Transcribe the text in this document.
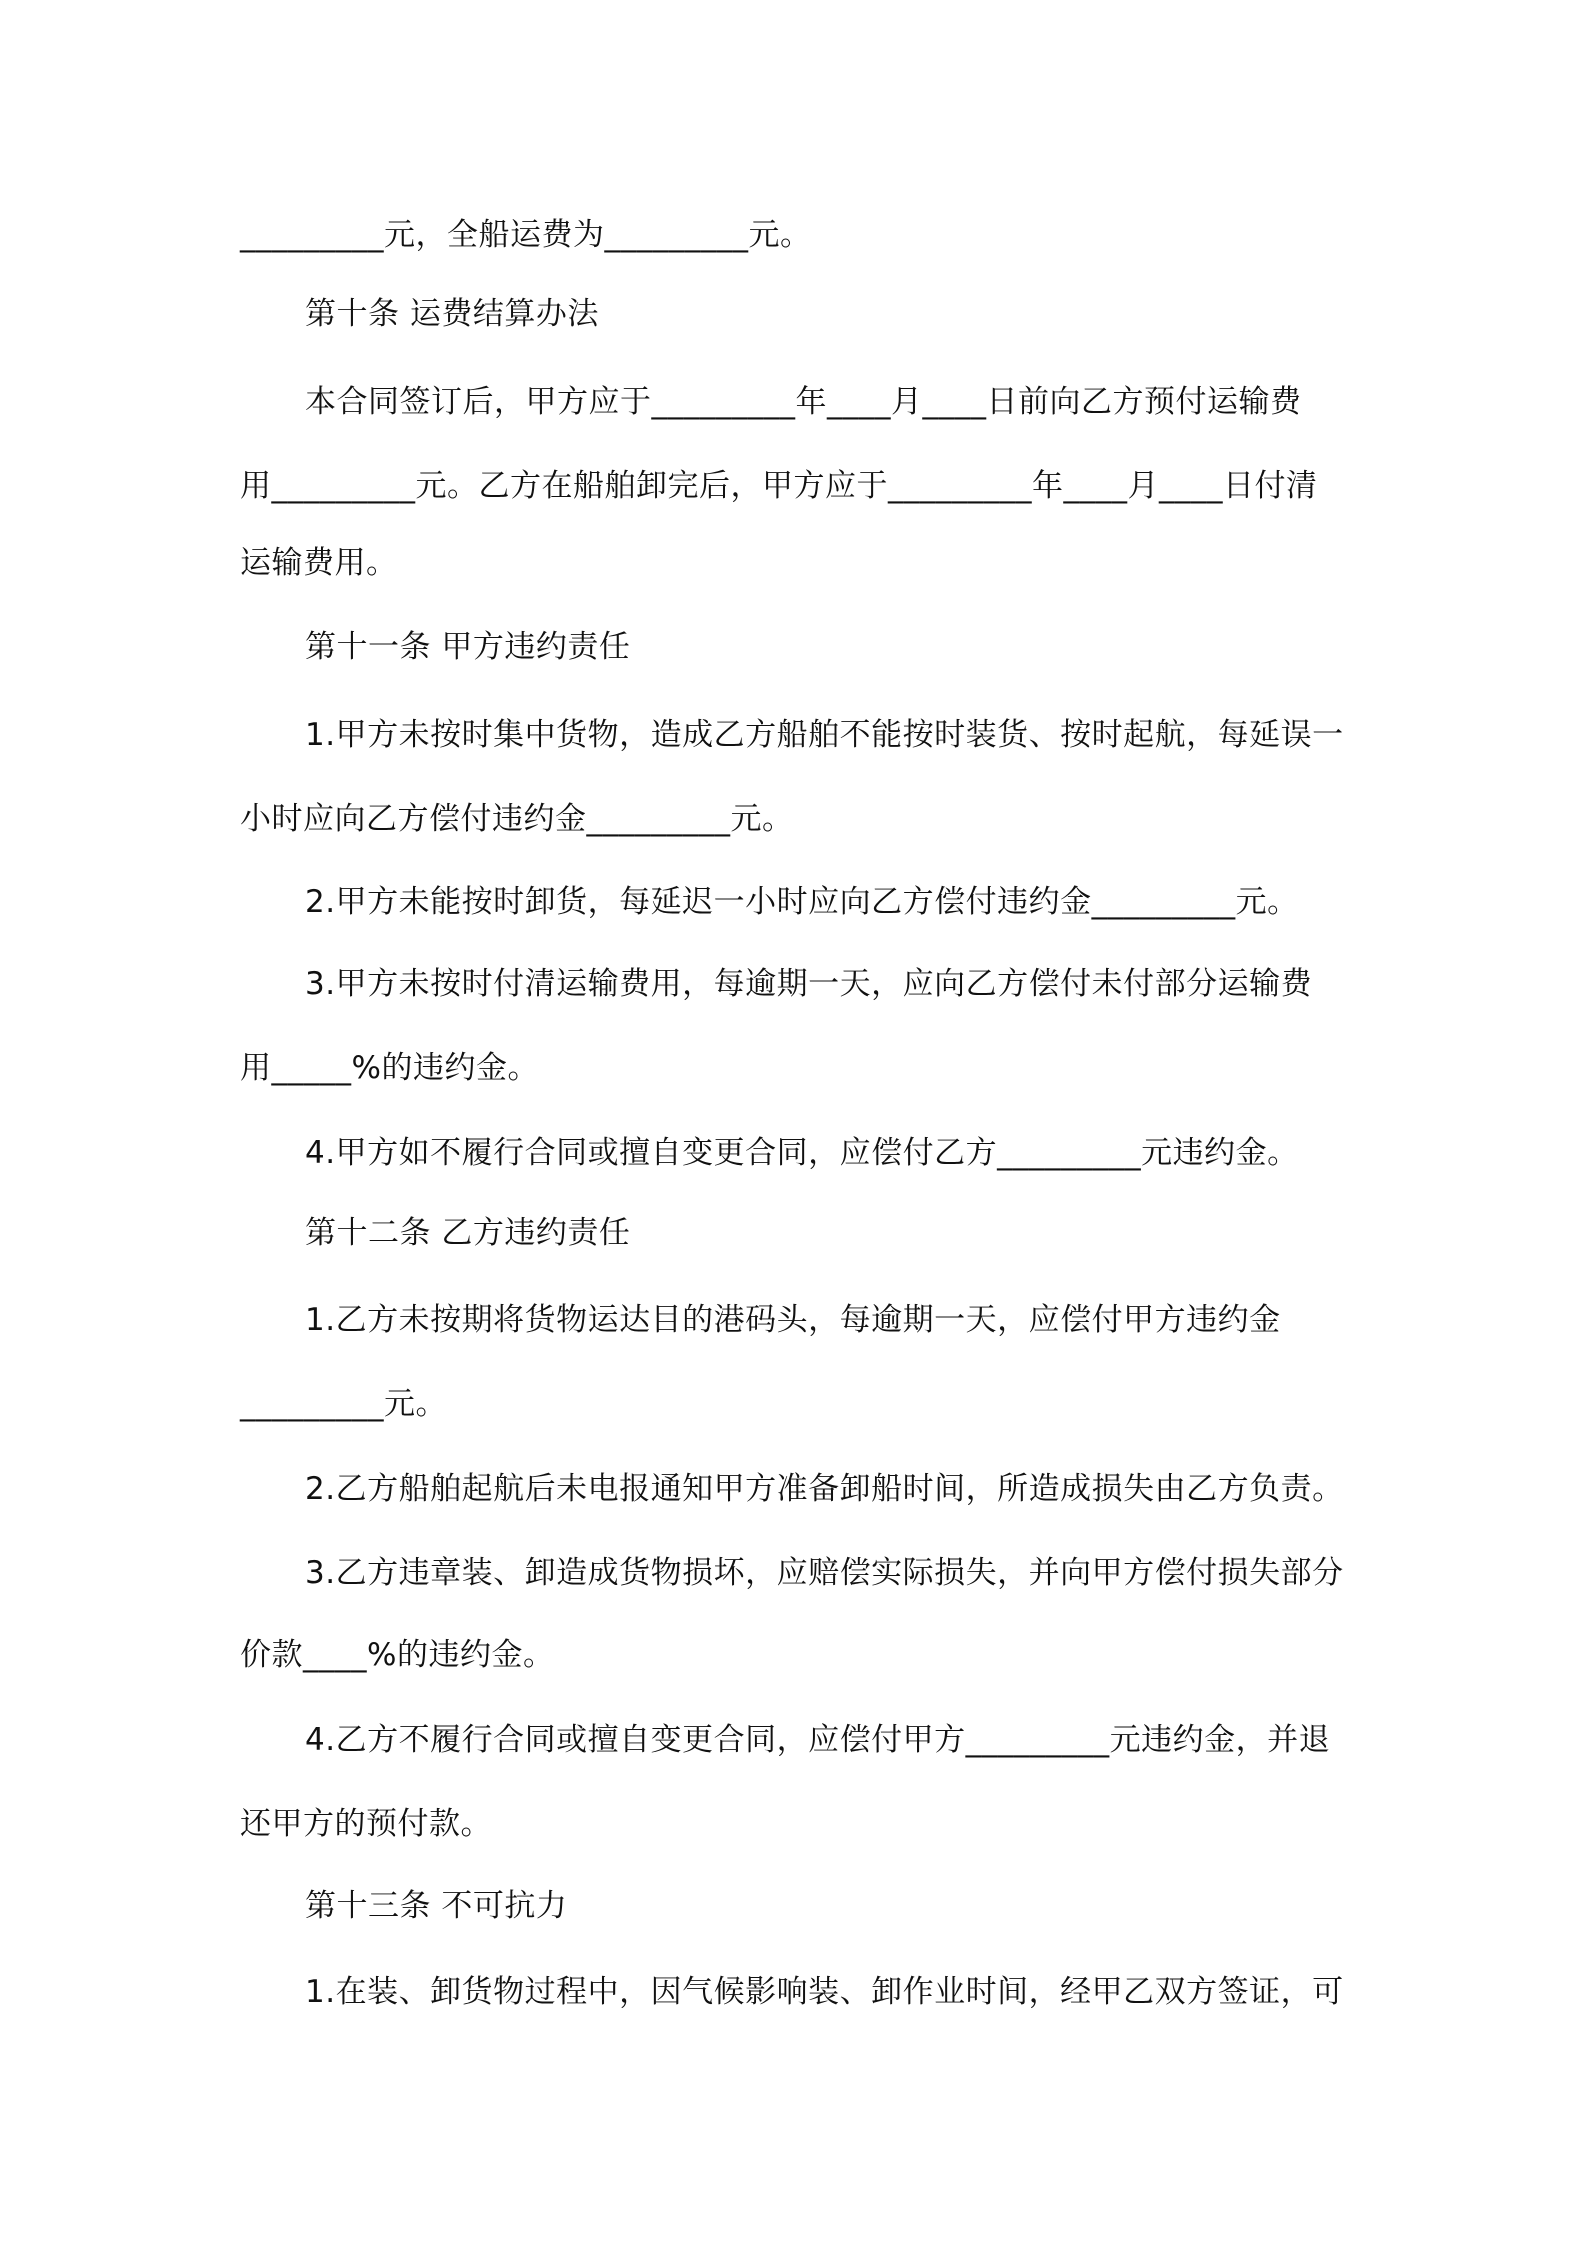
_________元，全船运费为_________元。
第十条 运费结算办法
本合同签订后，甲方应于_________年____月____日前向乙方预付运输费
用_________元。乙方在船舶卸完后，甲方应于_________年____月____日付清
运输费用。
第十一条 甲方违约责任
1.甲方未按时集中货物，造成乙方船舶不能按时装货、按时起航，每延误一
小时应向乙方偿付违约金_________元。
2.甲方未能按时卸货，每延迟一小时应向乙方偿付违约金_________元。
3.甲方未按时付清运输费用，每逾期一天，应向乙方偿付未付部分运输费
用_____%的违约金。
4.甲方如不履行合同或擅自变更合同，应偿付乙方_________元违约金。
第十二条 乙方违约责任
1.乙方未按期将货物运达目的港码头，每逾期一天，应偿付甲方违约金
_________元。
2.乙方船舶起航后未电报通知甲方准备卸船时间，所造成损失由乙方负责。
3.乙方违章装、卸造成货物损坏，应赔偿实际损失，并向甲方偿付损失部分
价款____%的违约金。
4.乙方不履行合同或擅自变更合同，应偿付甲方_________元违约金，并退
还甲方的预付款。
第十三条 不可抗力
1.在装、卸货物过程中，因气候影响装、卸作业时间，经甲乙双方签证，可
